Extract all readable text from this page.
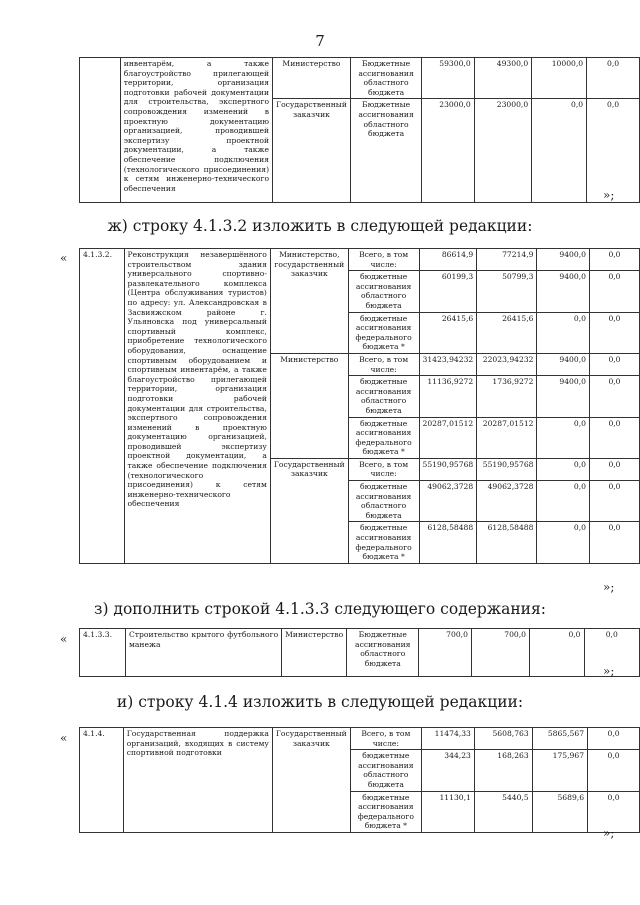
7
	инвентарём, а также благоустройство прилегающей территории, организация подготовки рабочей документации для строительства, экспертного сопровождения изменений в проектную документацию организацией, проводившей экспертизу проектной документации, а также обеспечение подключения (технологического присоединения) к сетям инженерно-технического обеспечения	Министерство	Бюджетные ассигнования областного бюджета	59300,0	49300,0	10000,0	0,0
		Государственный заказчик	Бюджетные ассигнования областного бюджета	23000,0	23000,0	0,0	0,0
»;
ж) строку 4.1.3.2 изложить в следующей редакции:
« 4.1.3.2.	Реконструкция незавершённого строительством здания универсального спортивно-развлекательного комплекса (Центра обслуживания туристов) по адресу: ул. Александровская в Засвияжском районе г. Ульяновска под универсальный спортивный комплекс, приобретение технологического оборудования, оснащение спортивным оборудованием и спортивным инвентарём, а также благоустройство прилегающей территории, организация подготовки рабочей документации для строительства, экспертного сопровождения изменений в проектную документацию организацией, проводившей экспертизу проектной документации, а также обеспечение подключения (технологического присоединения) к сетям инженерно-технического обеспечения	Министерство, государственный заказчик	Всего, в том числе:	86614,9	77214,9	9400,0	0,0
			бюджетные ассигнования областного бюджета	60199,3	50799,3	9400,0	0,0
			бюджетные ассигнования федерального бюджета *	26415,6	26415,6	0,0	0,0
		Министерство	Всего, в том числе:	31423,94232	22023,94232	9400,0	0,0
			бюджетные ассигнования областного бюджета	11136,9272	1736,9272	9400,0	0,0
			бюджетные ассигнования федерального бюджета *	20287,01512	20287,01512	0,0	0,0
		Государственный заказчик	Всего, в том числе:	55190,95768	55190,95768	0,0	0,0
			бюджетные ассигнования областного бюджета	49062,3728	49062,3728	0,0	0,0
			бюджетные ассигнования федерального бюджета *	6128,58488	6128,58488	0,0	0,0
»;
з) дополнить строкой 4.1.3.3 следующего содержания:
« 4.1.3.3.	Строительство крытого футбольного манежа	Министерство	Бюджетные ассигнования областного бюджета	700,0	700,0	0,0	0,0
»;
и) строку 4.1.4 изложить в следующей редакции:
« 4.1.4.	Государственная поддержка организаций, входящих в систему спортивной подготовки	Государственный заказчик	Всего, в том числе:	11474,33	5608,763	5865,567	0,0
			бюджетные ассигнования областного бюджета	344,23	168,263	175,967	0,0
			бюджетные ассигнования федерального бюджета *	11130,1	5440,5	5689,6	0,0
»;
